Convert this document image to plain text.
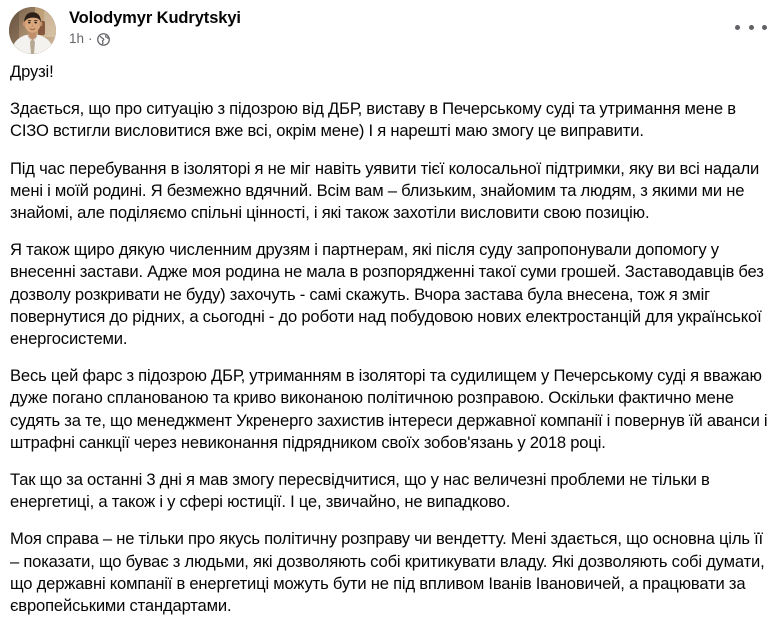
Volodymyr Kudrytskyi
1h ·

Друзі!

Здається, що про ситуацію з підозрою від ДБР, виставу в Печерському суді та утримання мене в СІЗО встигли висловитися вже всі, окрім мене) І я нарешті маю змогу це виправити.

Під час перебування в ізоляторі я не міг навіть уявити тієї колосальної підтримки, яку ви всі надали мені і моїй родині. Я безмежно вдячний. Всім вам – близьким, знайомим та людям, з якими ми не знайомі, але поділяємо спільні цінності, і які також захотіли висловити свою позицію.

Я також щиро дякую численним друзям і партнерам, які після суду запропонували допомогу у внесенні застави. Адже моя родина не мала в розпорядженні такої суми грошей. Заставодавців без дозволу розкривати не буду) захочуть - самі скажуть. Вчора застава була внесена, тож я зміг повернутися до рідних, а сьогодні - до роботи над побудовою нових електростанцій для української енергосистеми.

Весь цей фарс з підозрою ДБР, утриманням в ізоляторі та судилищем у Печерському суді я вважаю дуже погано спланованою та криво виконаною політичною розправою. Оскільки фактично мене судять за те, що менеджмент Укренерго захистив інтереси державної компанії і повернув їй аванси і штрафні санкції через невиконання підрядником своїх зобов'язань у 2018 році.

Так що за останні 3 дні я мав змогу пересвідчитися, що у нас величезні проблеми не тільки в енергетиці, а також і у сфері юстиції. І це, звичайно, не випадково.

Моя справа – не тільки про якусь політичну розправу чи вендетту. Мені здається, що основна ціль її – показати, що буває з людьми, які дозволяють собі критикувати владу. Які дозволяють собі думати, що державні компанії в енергетиці можуть бути не під впливом Іванів Івановичей, а працювати за європейськими стандартами.
